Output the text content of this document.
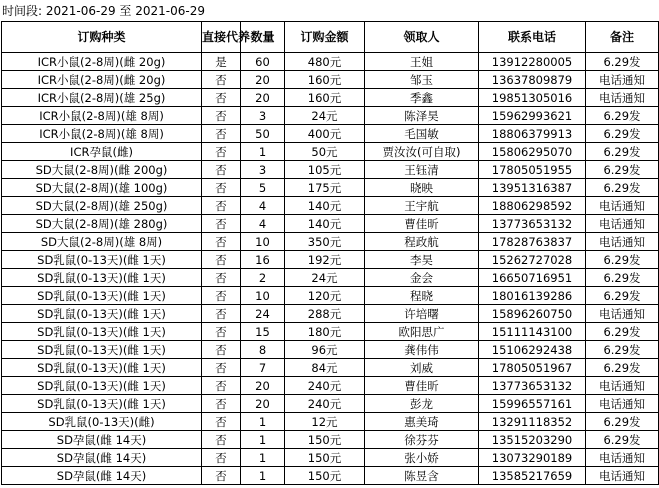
时间段: 2021-06-29 至 2021-06-29
订购种类	直接代养	数量	订购金额	领取人	联系电话	备注
ICR小鼠(2-8周)(雌 20g)	是	60	480元	王姐	13912280005	6.29发
ICR小鼠(2-8周)(雌 20g)	否	20	160元	邹玉	13637809879	电话通知
ICR小鼠(2-8周)(雄 25g)	否	20	160元	季鑫	19851305016	电话通知
ICR小鼠(2-8周)(雄 8周)	否	3	24元	陈泽昊	15962993621	6.29发
ICR小鼠(2-8周)(雄 8周)	否	50	400元	毛国敏	18806379913	6.29发
ICR孕鼠(雌)	否	1	50元	贾汝汝(可自取)	15806295070	6.29发
SD大鼠(2-8周)(雌 200g)	否	3	105元	王钰清	17805051955	6.29发
SD大鼠(2-8周)(雄 100g)	否	5	175元	晓映	13951316387	6.29发
SD大鼠(2-8周)(雄 250g)	否	4	140元	王宇航	18806298592	电话通知
SD大鼠(2-8周)(雄 280g)	否	4	140元	曹佳昕	13773653132	电话通知
SD大鼠(2-8周)(雄 8周)	否	10	350元	程政航	17828763837	电话通知
SD乳鼠(0-13天)(雌 1天)	否	16	192元	李昊	15262727028	6.29发
SD乳鼠(0-13天)(雌 1天)	否	2	24元	金会	16650716951	6.29发
SD乳鼠(0-13天)(雌 1天)	否	10	120元	程晓	18016139286	6.29发
SD乳鼠(0-13天)(雌 1天)	否	24	288元	许培曙	15896260750	电话通知
SD乳鼠(0-13天)(雌 1天)	否	15	180元	欧阳思广	15111143100	6.29发
SD乳鼠(0-13天)(雌 1天)	否	8	96元	龚伟伟	15106292438	6.29发
SD乳鼠(0-13天)(雌 1天)	否	7	84元	刘威	17805051967	6.29发
SD乳鼠(0-13天)(雌 1天)	否	20	240元	曹佳昕	13773653132	电话通知
SD乳鼠(0-13天)(雌 1天)	否	20	240元	彭龙	15996557161	电话通知
SD乳鼠(0-13天)(雌)	否	1	12元	惠美琦	13291118352	6.29发
SD孕鼠(雌 14天)	否	1	150元	徐芬芬	13515203290	6.29发
SD孕鼠(雌 14天)	否	1	150元	张小娇	13073290189	电话通知
SD孕鼠(雌 14天)	否	1	150元	陈昱含	13585217659	电话通知
